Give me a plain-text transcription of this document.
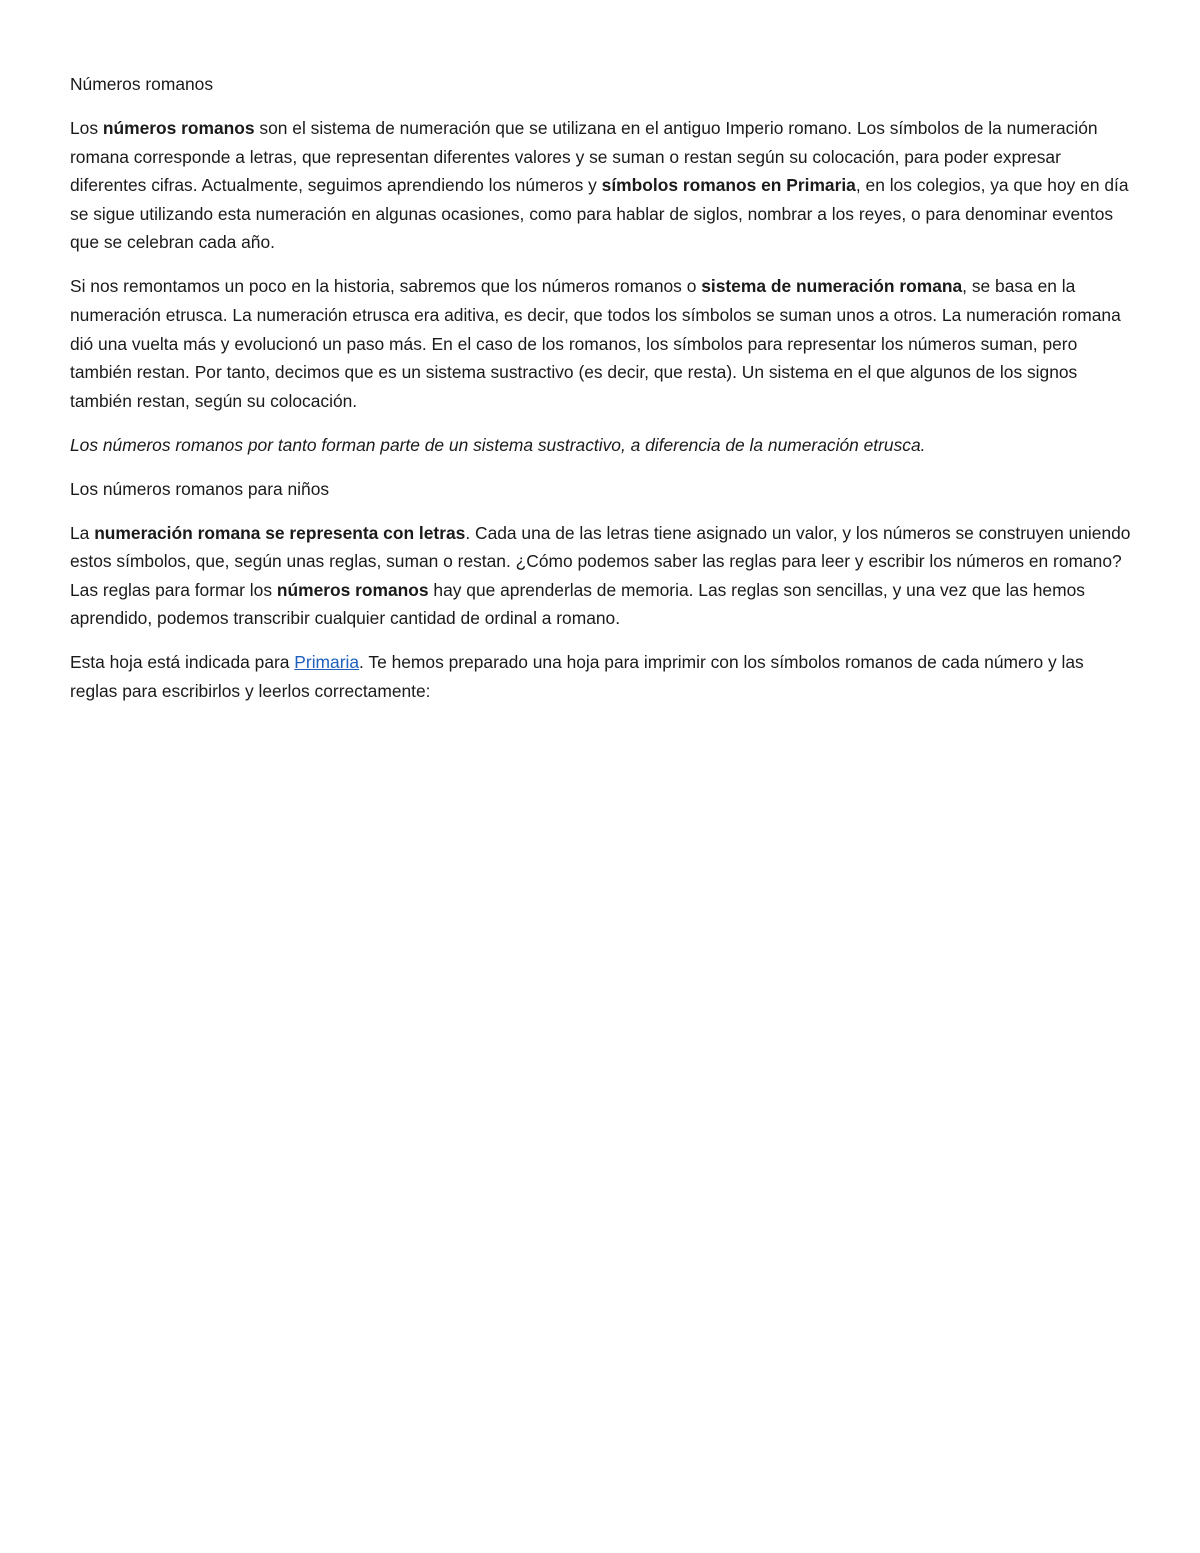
Números romanos

Los números romanos son el sistema de numeración que se utilizana en el antiguo Imperio romano. Los símbolos de la numeración romana corresponde a letras, que representan diferentes valores y se suman o restan según su colocación, para poder expresar diferentes cifras. Actualmente, seguimos aprendiendo los números y símbolos romanos en Primaria, en los colegios, ya que hoy en día se sigue utilizando esta numeración en algunas ocasiones, como para hablar de siglos, nombrar a los reyes, o para denominar eventos que se celebran cada año.

Si nos remontamos un poco en la historia, sabremos que los números romanos o sistema de numeración romana, se basa en la numeración etrusca. La numeración etrusca era aditiva, es decir, que todos los símbolos se suman unos a otros. La numeración romana dió una vuelta más y evolucionó un paso más. En el caso de los romanos, los símbolos para representar los números suman, pero también restan. Por tanto, decimos que es un sistema sustractivo (es decir, que resta). Un sistema en el que algunos de los signos también restan, según su colocación.

Los números romanos por tanto forman parte de un sistema sustractivo, a diferencia de la numeración etrusca.

Los números romanos para niños

La numeración romana se representa con letras. Cada una de las letras tiene asignado un valor, y los números se construyen uniendo estos símbolos, que, según unas reglas, suman o restan. ¿Cómo podemos saber las reglas para leer y escribir los números en romano? Las reglas para formar los números romanos hay que aprenderlas de memoria. Las reglas son sencillas, y una vez que las hemos aprendido, podemos transcribir cualquier cantidad de ordinal a romano.

Esta hoja está indicada para Primaria. Te hemos preparado una hoja para imprimir con los símbolos romanos de cada número y las reglas para escribirlos y leerlos correctamente:
